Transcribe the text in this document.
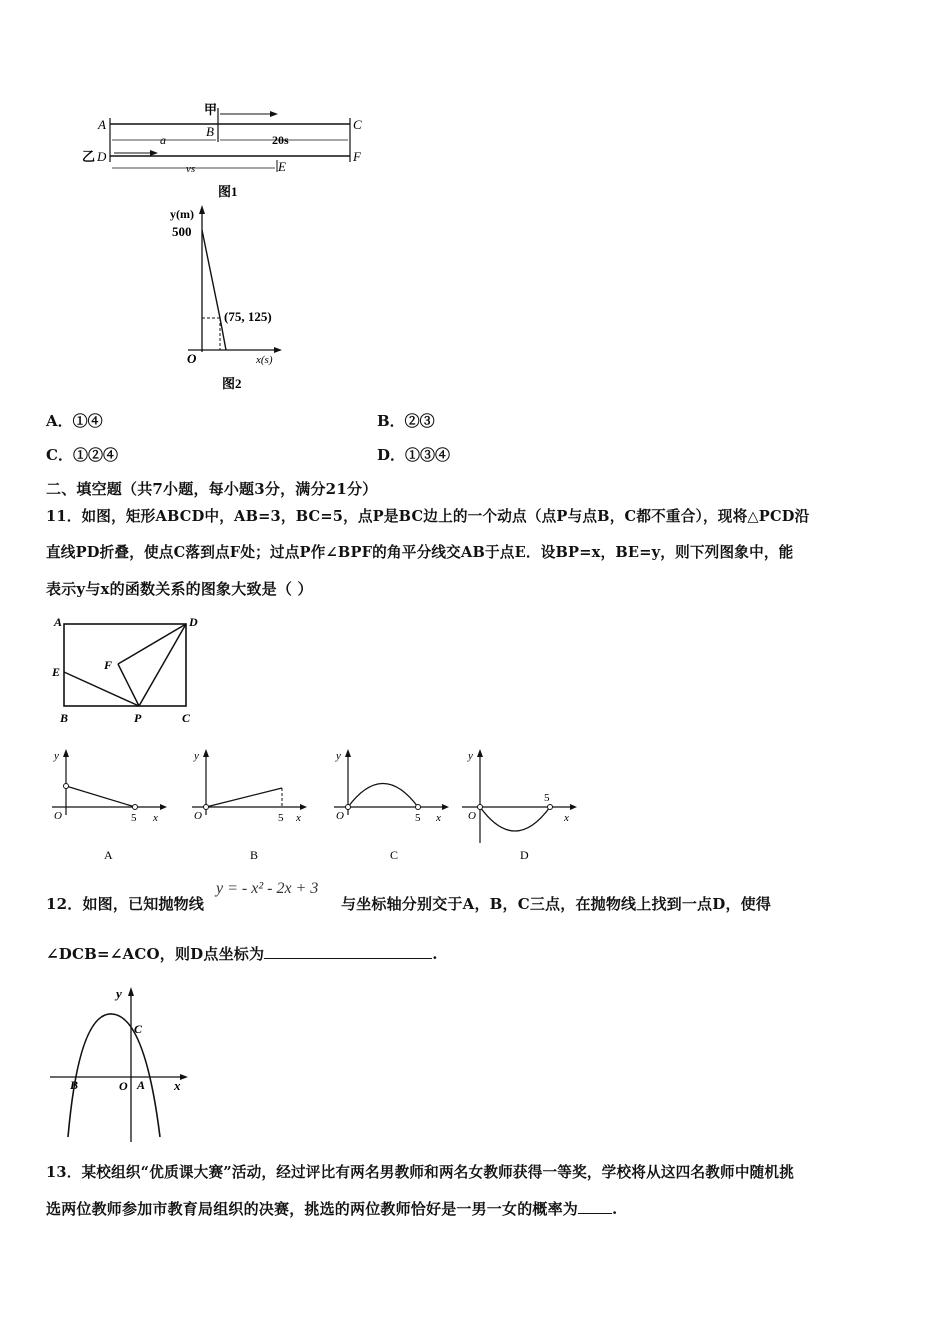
甲
A	B	C
a	20s
乙 D	F
vs	E
图1
y(m)
500
(75, 125)
O	x(s)
图2
A．①④	B．②③
C．①②④	D．①③④
二、填空题（共7小题，每小题3分，满分21分）
11．如图，矩形ABCD中，AB=3，BC=5，点P是BC边上的一个动点（点P与点B，C都不重合），现将△PCD沿
直线PD折叠，使点C落到点F处；过点P作∠BPF的角平分线交AB于点E．设BP=x，BE=y，则下列图象中，能
表示y与x的函数关系的图象大致是（ ）
A	D
E	F
B	P	C
y
O	5 x
A
y
O	5 x
B
y
O	5 x
C
y
O
5
x
D
12．如图，已知抛物线
y = - x² - 2x + 3
与坐标轴分别交于A，B，C三点，在抛物线上找到一点D，使得
∠DCB=∠ACO，则D点坐标为	.
y
C
B	O A x
13．某校组织“优质课大赛”活动，经过评比有两名男教师和两名女教师获得一等奖，学校将从这四名教师中随机挑
选两位教师参加市教育局组织的决赛，挑选的两位教师恰好是一男一女的概率为 .
